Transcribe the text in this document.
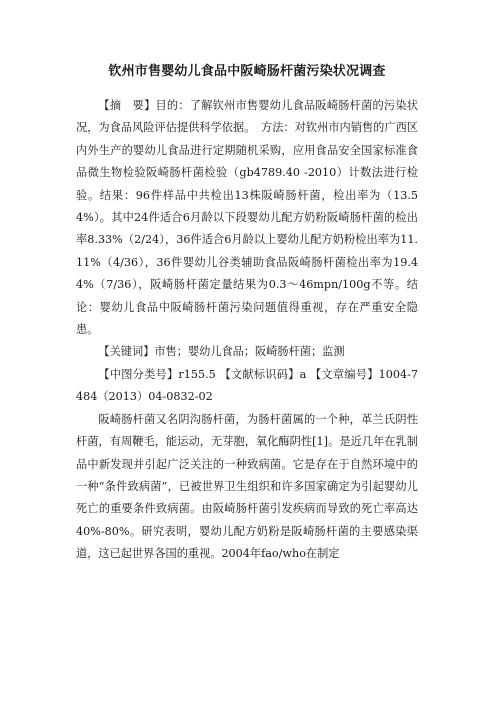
钦州市售婴幼儿食品中阪崎肠杆菌污染状况调查

【摘　要】目的：了解钦州市售婴幼儿食品阪崎肠杆菌的污染状况，为食品风险评估提供科学依据。　方法：对钦州市内销售的广西区内外生产的婴幼儿食品进行定期随机采购，应用食品安全国家标准食品微生物检验阪崎肠杆菌检验（gb4789.40 -2010）计数法进行检验。结果：96件样品中共检出13株阪崎肠杆菌，检出率为（13.54%）。其中24件适合6月龄以下段婴幼儿配方奶粉阪崎肠杆菌的检出率8.33%（2/24），36件适合6月龄以上婴幼儿配方奶粉检出率为11.11%（4/36），36件婴幼儿谷类辅助食品阪崎肠杆菌检出率为19.44%（7/36），阪崎肠杆菌定量结果为0.3～46mpn/100g不等。结论：婴幼儿食品中阪崎肠杆菌污染问题值得重视，存在严重安全隐患。

【关键词】市售；婴幼儿食品；阪崎肠杆菌；监测

【中图分类号】r155.5 【文献标识码】a 【文章编号】1004-7484（2013）04-0832-02

阪崎肠杆菌又名阴沟肠杆菌，为肠杆菌属的一个种，革兰氏阴性杆菌，有周鞭毛，能运动，无芽胞，氧化酶阴性[1]。是近几年在乳制品中新发现并引起广泛关注的一种致病菌。它是存在于自然环境中的一种“条件致病菌”，已被世界卫生组织和许多国家确定为引起婴幼儿死亡的重要条件致病菌。由阪崎肠杆菌引发疾病而导致的死亡率高达40%-80%。研究表明，婴幼儿配方奶粉是阪崎肠杆菌的主要感染渠道，这已起世界各国的重视。2004年fao/who在制定
